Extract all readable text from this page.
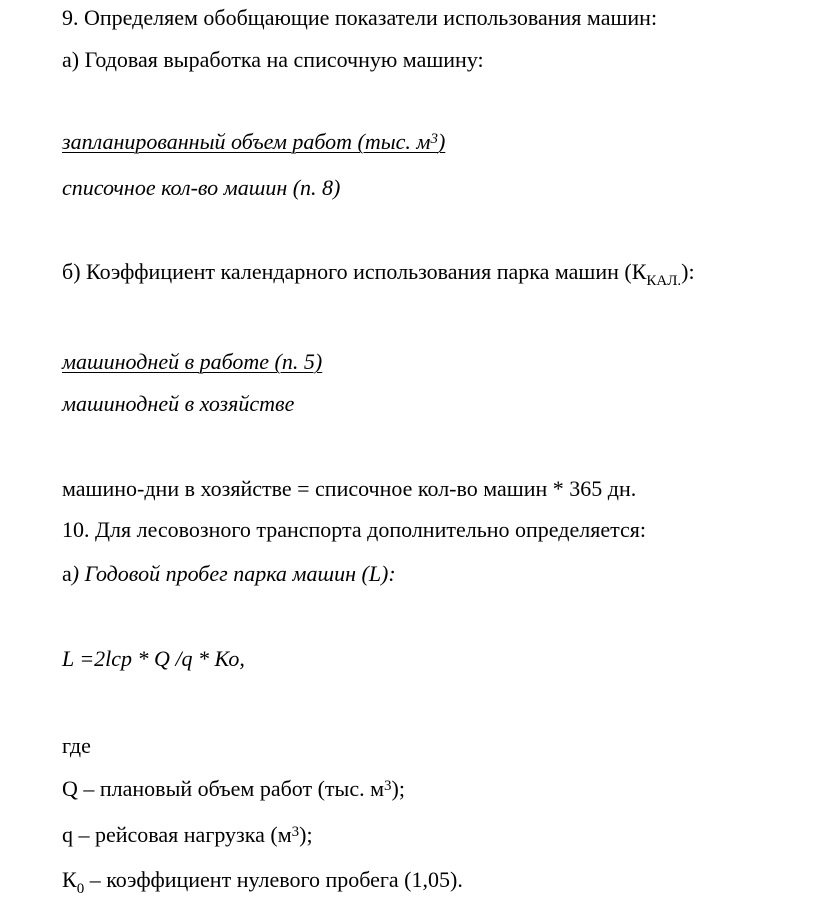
9. Определяем обобщающие показатели использования машин:
а) Годовая выработка на списочную машину:
запланированный объем работ (тыс. $м^3$)
списочное кол-во машин (п. 8)
б) Коэффициент календарного использования парка машин $(К_{КАЛ.})$:
машинодней в работе (п. 5)
машинодней в хозяйстве
машино-дни в хозяйстве = списочное кол-во машин * 365 дн.
10. Для лесовозного транспорта дополнительно определяется:
а) Годовой пробег парка машин (L):
L =2lср * Q /q * Ко,
где
Q – плановый объем работ (тыс. $м^3$);
q – рейсовая нагрузка $(м^3)$;
$К_0$ – коэффициент нулевого пробега (1,05).
